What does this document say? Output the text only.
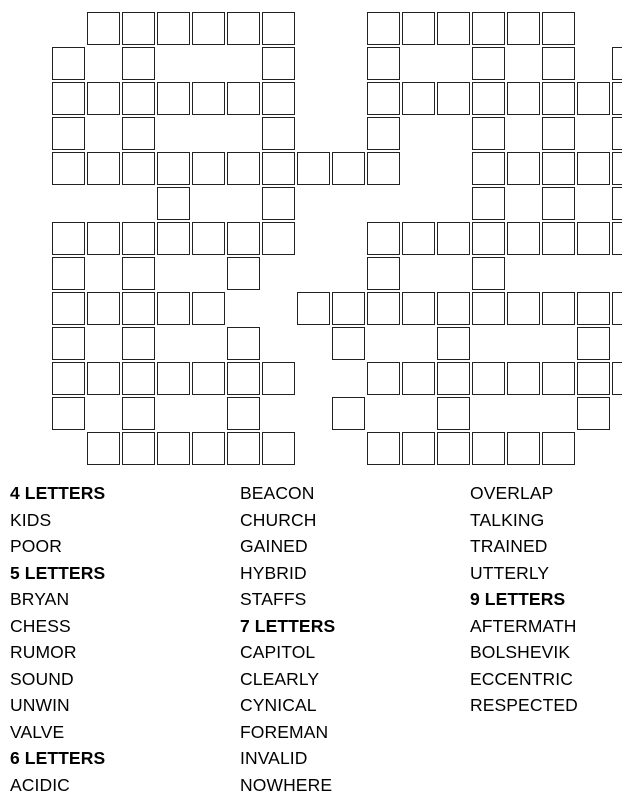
4 LETTERS
KIDS
POOR
5 LETTERS
BRYAN
CHESS
RUMOR
SOUND
UNWIN
VALVE
6 LETTERS
ACIDIC
BEACON
CHURCH
GAINED
HYBRID
STAFFS
7 LETTERS
CAPITOL
CLEARLY
CYNICAL
FOREMAN
INVALID
NOWHERE
OVERLAP
TALKING
TRAINED
UTTERLY
9 LETTERS
AFTERMATH
BOLSHEVIK
ECCENTRIC
RESPECTED
